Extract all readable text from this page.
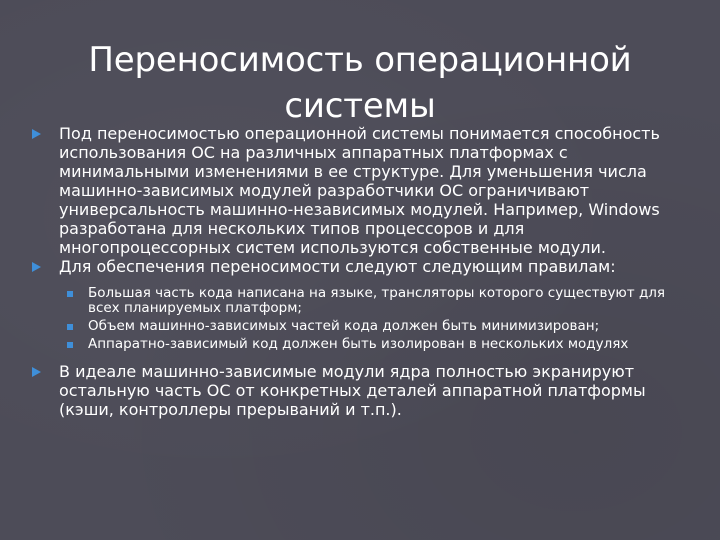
Переносимость операционной
системы
Под переносимостью операционной системы понимается способность использования ОС на различных аппаратных платформах с минимальными изменениями в ее структуре. Для уменьшения числа машинно-зависимых модулей разработчики ОС ограничивают универсальность машинно-независимых модулей. Например, Windows разработана для нескольких типов процессоров и для многопроцессорных систем используются собственные модули.
Для обеспечения переносимости следуют следующим правилам:
Большая часть кода написана на языке, трансляторы которого существуют для всех планируемых платформ;
Объем машинно-зависимых частей кода должен быть минимизирован;
Аппаратно-зависимый код должен быть изолирован в нескольких модулях
В идеале машинно-зависимые модули ядра полностью экранируют остальную часть ОС от конкретных деталей аппаратной платформы (кэши, контроллеры прерываний и т.п.).
